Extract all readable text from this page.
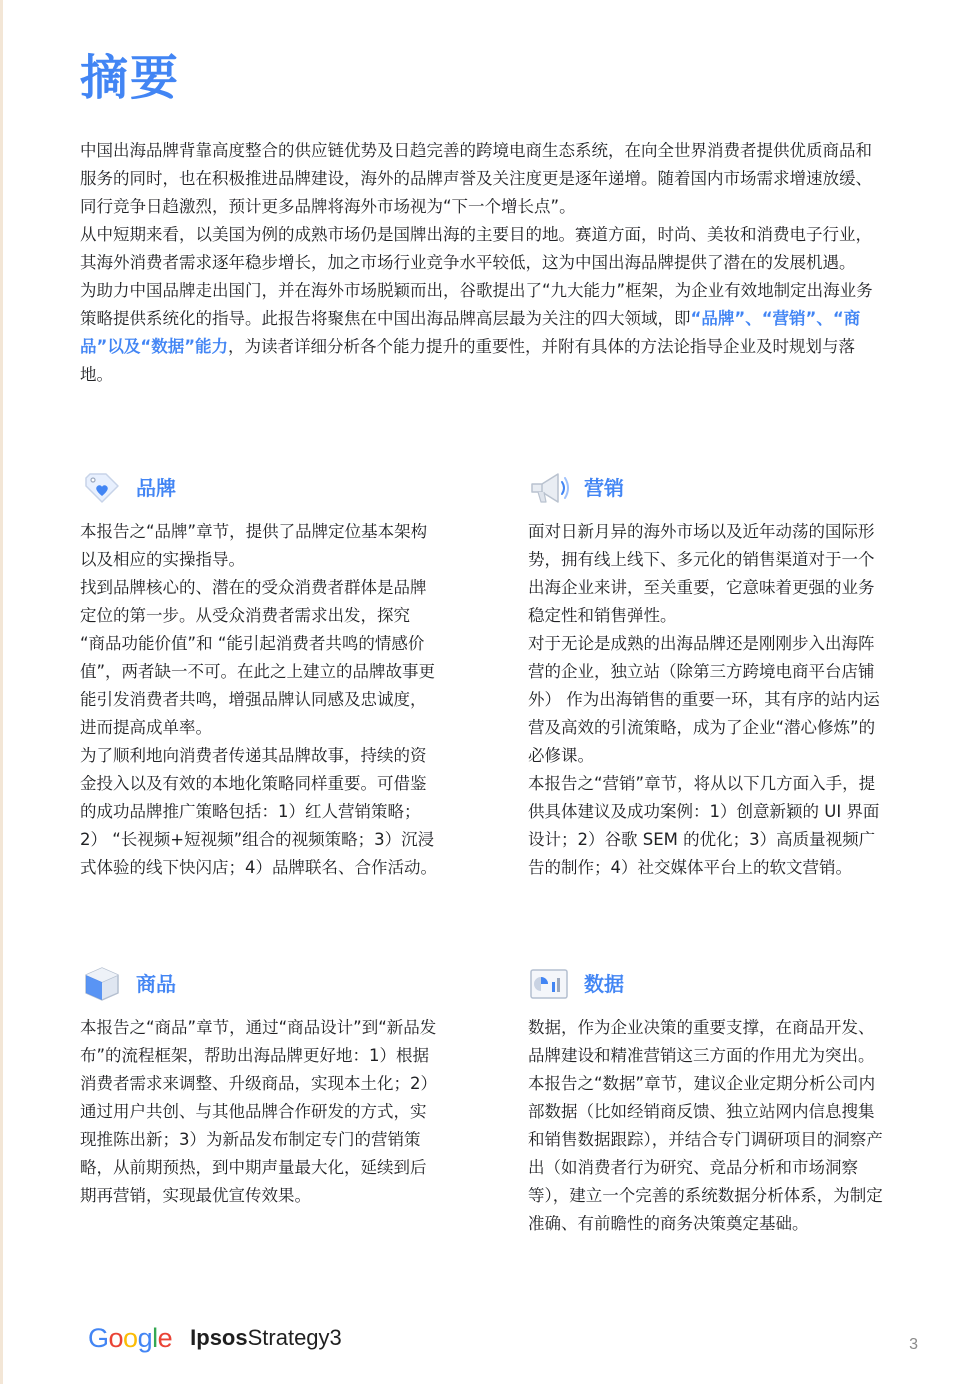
摘要

中国出海品牌背靠高度整合的供应链优势及日趋完善的跨境电商生态系统，在向全世界消费者提供优质商品和服务的同时，也在积极推进品牌建设，海外的品牌声誉及关注度更是逐年递增。随着国内市场需求增速放缓、同行竞争日趋激烈，预计更多品牌将海外市场视为“下一个增长点”。

从中短期来看，以美国为例的成熟市场仍是国牌出海的主要目的地。赛道方面，时尚、美妆和消费电子行业，其海外消费者需求逐年稳步增长，加之市场行业竞争水平较低，这为中国出海品牌提供了潜在的发展机遇。

为助力中国品牌走出国门，并在海外市场脱颖而出，谷歌提出了“九大能力”框架，为企业有效地制定出海业务策略提供系统化的指导。此报告将聚焦在中国出海品牌高层最为关注的四大领域，即“品牌”、“营销”、“商品”以及“数据”能力，为读者详细分析各个能力提升的重要性，并附有具体的方法论指导企业及时规划与落地。

品牌

本报告之“品牌”章节，提供了品牌定位基本架构以及相应的实操指导。

找到品牌核心的、潜在的受众消费者群体是品牌定位的第一步。从受众消费者需求出发，探究 “商品功能价值”和 “能引起消费者共鸣的情感价值”，两者缺一不可。在此之上建立的品牌故事更能引发消费者共鸣，增强品牌认同感及忠诚度，进而提高成单率。

为了顺利地向消费者传递其品牌故事，持续的资金投入以及有效的本地化策略同样重要。可借鉴的成功品牌推广策略包括：1）红人营销策略；2） “长视频+短视频”组合的视频策略；3）沉浸式体验的线下快闪店；4）品牌联名、合作活动。

营销

面对日新月异的海外市场以及近年动荡的国际形势，拥有线上线下、多元化的销售渠道对于一个出海企业来讲，至关重要，它意味着更强的业务稳定性和销售弹性。

对于无论是成熟的出海品牌还是刚刚步入出海阵营的企业，独立站（除第三方跨境电商平台店铺外） 作为出海销售的重要一环，其有序的站内运营及高效的引流策略，成为了企业“潜心修炼”的必修课。

本报告之“营销”章节，将从以下几方面入手，提供具体建议及成功案例：1）创意新颖的 UI 界面设计；2）谷歌 SEM 的优化；3）高质量视频广告的制作；4）社交媒体平台上的软文营销。

商品

本报告之“商品”章节，通过“商品设计”到“新品发布”的流程框架，帮助出海品牌更好地：1）根据消费者需求来调整、升级商品，实现本土化；2）通过用户共创、与其他品牌合作研发的方式，实现推陈出新；3）为新品发布制定专门的营销策略，从前期预热，到中期声量最大化，延续到后期再营销，实现最优宣传效果。

数据

数据，作为企业决策的重要支撑，在商品开发、品牌建设和精准营销这三方面的作用尤为突出。

本报告之“数据”章节，建议企业定期分析公司内部数据（比如经销商反馈、独立站网内信息搜集和销售数据跟踪），并结合专门调研项目的洞察产出（如消费者行为研究、竞品分析和市场洞察等），建立一个完善的系统数据分析体系，为制定准确、有前瞻性的商务决策奠定基础。

Google IpsosStrategy3	3
